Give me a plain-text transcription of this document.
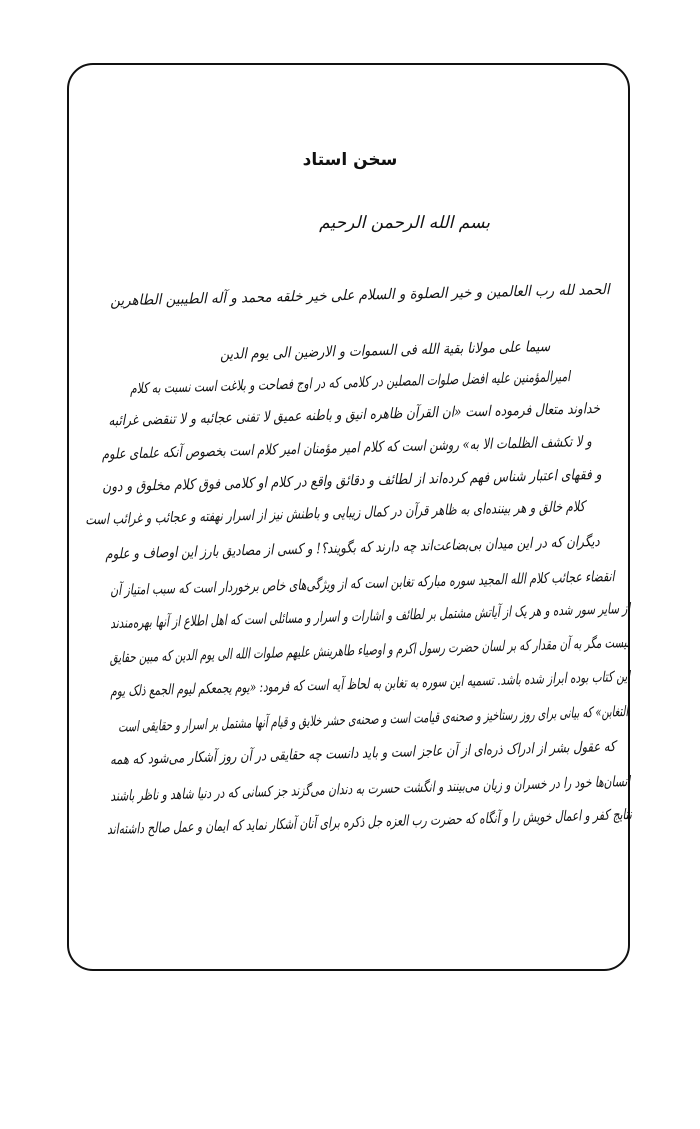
سخن استاد
بسم الله الرحمن الرحیم
الحمد لله رب العالمین و خیر الصلوة و السلام علی خیر خلقه محمد و آله الطیبین الطاهرین
سیما علی مولانا بقیة الله فی السموات و الارضین الی یوم الدین
امیرالمؤمنین علیه افضل صلوات المصلین در کلامی که در اوج فصاحت و بلاغت است نسبت به کلام
خداوند متعال فرموده است «ان القرآن ظاهره انیق و باطنه عمیق لا تفنی عجائبه و لا تنقضی غرائبه
و لا تکشف الظلمات الا به» روشن است که کلام امیر مؤمنان امیر کلام است بخصوص آنکه علمای علوم
و فقهای اعتبار شناس فهم کرده‌اند از لطائف و دقائق واقع در کلام او کلامی فوق کلام مخلوق و دون
کلام خالق و هر بیننده‌ای به ظاهر قرآن در کمال زیبایی و باطنش نیز از اسرار نهفته و عجائب و غرائب است
دیگران که در این میدان بی‌بضاعت‌اند چه دارند که بگویند؟! و کسی از مصادیق بارز این اوصاف و علوم
انقضاء عجائب کلام الله المجید سوره مبارکه تغابن است که از ویژگی‌های خاص برخوردار است که سبب امتیاز آن
از سایر سور شده و هر یک از آیاتش مشتمل بر لطائف و اشارات و اسرار و مسائلی است که اهل اطلاع از آنها بهره‌مندند
نیست مگر به آن مقدار که بر لسان حضرت رسول اکرم و اوصیاء طاهرینش علیهم صلوات الله الی یوم الدین که مبین حقایق
این کتاب بوده ابراز شده باشد. تسمیه این سوره به تغابن به لحاظ آیه است که فرمود: «یوم یجمعکم لیوم الجمع ذلک یوم
التغابن» که بیانی برای روز رستاخیز و صحنه‌ی قیامت است و صحنه‌ی حشر خلایق و قیام آنها مشتمل بر اسرار و حقایقی است
که عقول بشر از ادراک ذره‌ای از آن عاجز است و باید دانست چه حقایقی در آن روز آشکار می‌شود که همه
انسان‌ها خود را در خسران و زیان می‌بینند و انگشت حسرت به دندان می‌گزند جز کسانی که در دنیا شاهد و ناظر باشند
نتایج کفر و اعمال خویش را و آنگاه که حضرت رب العزه جل ذکره برای آنان آشکار نماید که ایمان و عمل صالح داشته‌اند
